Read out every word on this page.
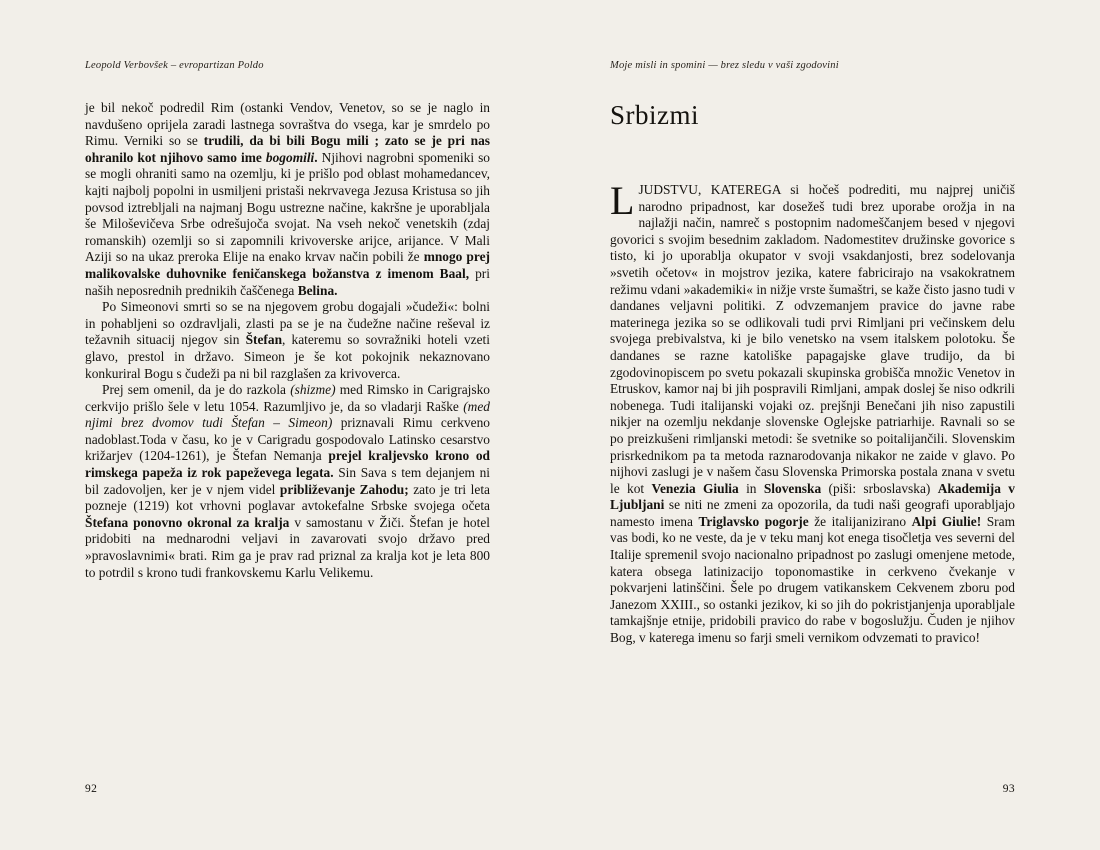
Leopold Verbovšek – evropartizan Poldo

je bil nekoč podredil Rim (ostanki Vendov, Venetov, so se je naglo in navdušeno oprijela zaradi lastnega sovraštva do vsega, kar je smrdelo po Rimu. Verniki so se trudili, da bi bili Bogu mili ; zato se je pri nas ohranilo kot njihovo samo ime bogomili. Njihovi nagrobni spomeniki so se mogli ohraniti samo na ozemlju, ki je prišlo pod oblast mohamedancev, kajti najbolj popolni in usmiljeni pristaši nekrvavega Jezusa Kristusa so jih povsod iztrebljali na najmanj Bogu ustrezne načine, kakršne je uporabljala še Miloševičeva Srbe odrešujoča svojat. Na vseh nekoč venetskih (zdaj romanskih) ozemlji so si zapomnili krivoverske arijce, arijance. V Mali Aziji so na ukaz preroka Elije na enako krvav način pobili že mnogo prej malikovalske duhovnike feničanskega božanstva z imenom Baal, pri naših neposrednih prednikih čaščenega Belina.

Po Simeonovi smrti so se na njegovem grobu dogajali »čudeži«: bolni in pohabljeni so ozdravljali, zlasti pa se je na čudežne načine reševal iz težavnih situacij njegov sin Štefan, kateremu so sovražniki hoteli vzeti glavo, prestol in državo. Simeon je še kot pokojnik nekaznovano konkuriral Bogu s čudeži pa ni bil razglašen za krivoverca.

Prej sem omenil, da je do razkola (shizme) med Rimsko in Carigrajsko cerkvijo prišlo šele v letu 1054. Razumljivo je, da so vladarji Raške (med njimi brez dvomov tudi Štefan – Simeon) priznavali Rimu cerkveno nadoblast.Toda v času, ko je v Carigradu gospodovalo Latinsko cesarstvo križarjev (1204-1261), je Štefan Nemanja prejel kraljevsko krono od rimskega papeža iz rok papeževega legata. Sin Sava s tem dejanjem ni bil zadovoljen, ker je v njem videl približevanje Zahodu; zato je tri leta pozneje (1219) kot vrhovni poglavar avtokefalne Srbske svojega očeta Štefana ponovno okronal za kralja v samostanu v Žiči. Štefan je hotel pridobiti na mednarodni veljavi in zavarovati svojo državo pred »pravoslavnimi« brati. Rim ga je prav rad priznal za kralja kot je leta 800 to potrdil s krono tudi frankovskemu Karlu Velikemu.

92
Moje misli in spomini — brez sledu v vaši zgodovini
Srbizmi

LJUDSTVU, KATEREGA si hočeš podrediti, mu najprej uničiš narodno pripadnost, kar dosežeš tudi brez uporabe orožja in na najlažji način, namreč s postopnim nadomeščanjem besed v njegovi govorici s svojim besednim zakladom. Nadomestitev družinske govorice s tisto, ki jo uporablja okupator v svoji vsakdanjosti, brez sodelovanja »svetih očetov« in mojstrov jezika, katere fabricirajo na vsakokratnem režimu vdani »akademiki« in nižje vrste šumaštri, se kaže čisto jasno tudi v dandanes veljavni politiki. Z odvzemanjem pravice do javne rabe materinega jezika so se odlikovali tudi prvi Rimljani pri večinskem delu svojega prebivalstva, ki je bilo venetsko na vsem italskem polotoku. Še dandanes se razne katoliške papagajske glave trudijo, da bi zgodovinopiscem po svetu pokazali skupinska grobišča množic Venetov in Etruskov, kamor naj bi jih pospravili Rimljani, ampak doslej še niso odkrili nobenega. Tudi italijanski vojaki oz. prejšnji Benečani jih niso zapustili nikjer na ozemlju nekdanje slovenske Oglejske patriarhije. Ravnali so se po preizkušeni rimljanski metodi: še svetnike so poitalijančili. Slovenskim prisrkednikom pa ta metoda raznarodovanja nikakor ne zaide v glavo. Po nijhovi zaslugi je v našem času Slovenska Primorska postala znana v svetu le kot Venezia Giulia in Slovenska (piši: srboslavska) Akademija v Ljubljani se niti ne zmeni za opozorila, da tudi naši geografi uporabljajo namesto imena Triglavsko pogorje že italijanizirano Alpi Giulie! Sram vas bodi, ko ne veste, da je v teku manj kot enega tisočletja ves severni del Italije spremenil svojo nacionalno pripadnost po zaslugi omenjene metode, katera obsega latinizacijo toponomastike in cerkveno čvekanje v pokvarjeni latinščini. Šele po drugem vatikanskem Cekvenem zboru pod Janezom XXIII., so ostanki jezikov, ki so jih do pokristjanjenja uporabljale tamkajšnje etnije, pridobili pravico do rabe v bogoslužju. Čuden je njihov Bog, v katerega imenu so farji smeli vernikom odvzemati to pravico!

93
